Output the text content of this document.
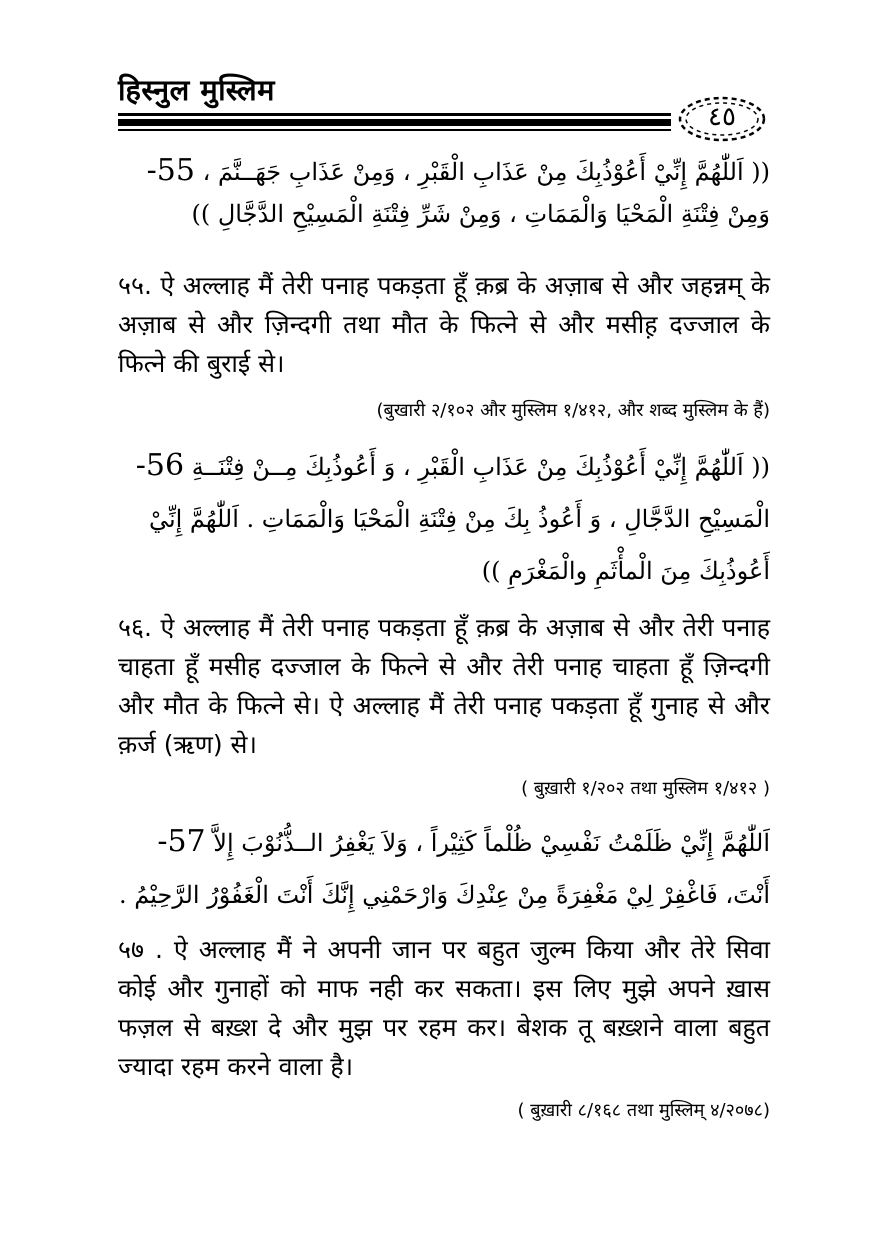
हिस्नुल मुस्लिम
٤٥
(( اَللّٰهُمَّ إِنِّيْ أَعُوْذُبِكَ مِنْ عَذَابِ الْقَبْرِ ، وَمِنْ عَذَابِ جَهَــنَّمَ ، 55-
وَمِنْ فِتْنَةِ الْمَحْيَا وَالْمَمَاتِ ، وَمِنْ شَرِّ فِتْنَةِ الْمَسِيْحِ الدَّجَّالِ ))
५५. ऐ अल्लाह मैं तेरी पनाह पकड़ता हूँ क़ब्र के अज़ाब से और जहन्नम् के अज़ाब से और ज़िन्दगी तथा मौत के फित्ने से और मसीह़ दज्जाल के फित्ने की बुराई से।
(बुखारी २/१०२ और मुस्लिम १/४१२, और शब्द मुस्लिम के हैं)
(( اَللّٰهُمَّ إِنِّيْ أَعُوْذُبِكَ مِنْ عَذَابِ الْقَبْرِ ، وَ أَعُوذُبِكَ مِــنْ فِتْنَــةِ 56-
الْمَسِيْحِ الدَّجَّالِ ، وَ أَعُوذُ بِكَ مِنْ فِتْنَةِ الْمَحْيَا وَالْمَمَاتِ . اَللّٰهُمَّ إِنِّيْ
أَعُوذُبِكَ مِنَ الْمأْثَمِ والْمَغْرَمِ ))
५६. ऐ अल्लाह मैं तेरी पनाह पकड़ता हूँ क़ब्र के अज़ाब से और तेरी पनाह चाहता हूँ मसीह दज्जाल के फित्ने से और तेरी पनाह चाहता हूँ ज़िन्दगी और मौत के फित्ने से। ऐ अल्लाह मैं तेरी पनाह पकड़ता हूँ गुनाह से और क़र्ज (ऋण) से।
( बुख़ारी १/२०२ तथा मुस्लिम १/४१२ )
اَللّٰهُمَّ إِنِّيْ ظَلَمْتُ نَفْسِيْ ظُلْماً كَثِيْراً ، وَلاَ يَغْفِرُ الــذُّنُوْبَ إِلاَّ 57-
أَنْتَ، فَاغْفِرْ لِيْ مَغْفِرَةً مِنْ عِنْدِكَ وَارْحَمْنِي إِنَّكَ أَنْتَ الْغَفُوْرُ الرَّحِيْمُ .
५७ . ऐ अल्लाह मैं ने अपनी जान पर बहुत जुल्म किया और तेरे सिवा कोई और गुनाहों को माफ नही कर सकता। इस लिए मुझे अपने ख़ास फज़ल से बख़्श दे और मुझ पर रहम कर। बेशक तू बख़्शने वाला बहुत ज्यादा रहम करने वाला है।
( बुख़ारी ८/१६८ तथा मुस्लिम् ४/२०७८)
